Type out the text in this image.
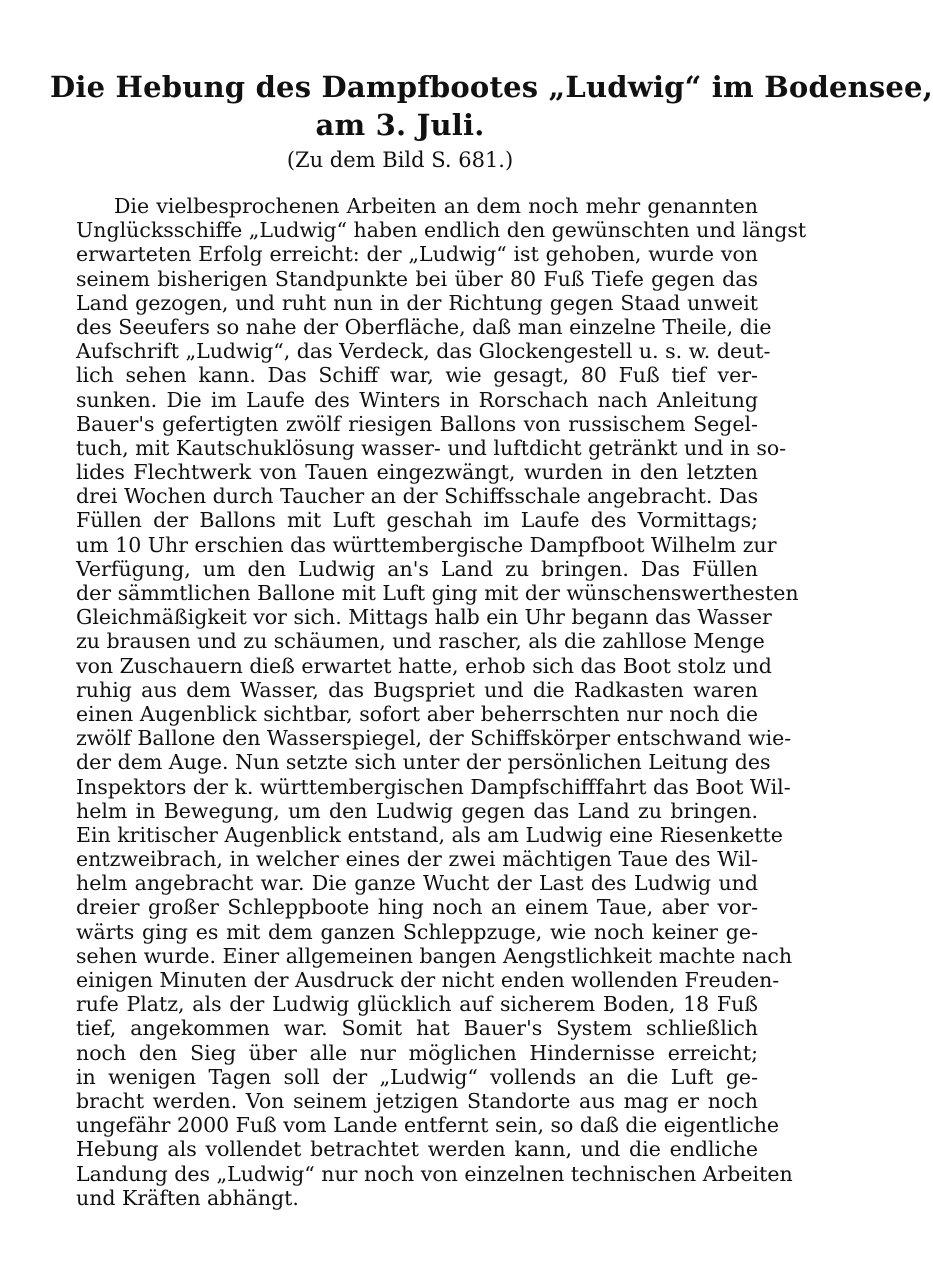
Die Hebung des Dampfbootes „Ludwig“ im Bodensee,
am 3. Juli.

(Zu dem Bild S. 681.)

Die vielbesprochenen Arbeiten an dem noch mehr genannten
Unglücksschiffe „Ludwig“ haben endlich den gewünschten und längst
erwarteten Erfolg erreicht: der „Ludwig“ ist gehoben, wurde von
seinem bisherigen Standpunkte bei über 80 Fuß Tiefe gegen das
Land gezogen, und ruht nun in der Richtung gegen Staad unweit
des Seeufers so nahe der Oberfläche, daß man einzelne Theile, die
Aufschrift „Ludwig“, das Verdeck, das Glockengestell u. s. w. deut-
lich sehen kann. Das Schiff war, wie gesagt, 80 Fuß tief ver-
sunken. Die im Laufe des Winters in Rorschach nach Anleitung
Bauer's gefertigten zwölf riesigen Ballons von russischem Segel-
tuch, mit Kautschuklösung wasser- und luftdicht getränkt und in so-
lides Flechtwerk von Tauen eingezwängt, wurden in den letzten
drei Wochen durch Taucher an der Schiffsschale angebracht. Das
Füllen der Ballons mit Luft geschah im Laufe des Vormittags;
um 10 Uhr erschien das württembergische Dampfboot Wilhelm zur
Verfügung, um den Ludwig an's Land zu bringen. Das Füllen
der sämmtlichen Ballone mit Luft ging mit der wünschenswerthesten
Gleichmäßigkeit vor sich. Mittags halb ein Uhr begann das Wasser
zu brausen und zu schäumen, und rascher, als die zahllose Menge
von Zuschauern dieß erwartet hatte, erhob sich das Boot stolz und
ruhig aus dem Wasser, das Bugspriet und die Radkasten waren
einen Augenblick sichtbar, sofort aber beherrschten nur noch die
zwölf Ballone den Wasserspiegel, der Schiffskörper entschwand wie-
der dem Auge. Nun setzte sich unter der persönlichen Leitung des
Inspektors der k. württembergischen Dampfschifffahrt das Boot Wil-
helm in Bewegung, um den Ludwig gegen das Land zu bringen.
Ein kritischer Augenblick entstand, als am Ludwig eine Riesenkette
entzweibrach, in welcher eines der zwei mächtigen Taue des Wil-
helm angebracht war. Die ganze Wucht der Last des Ludwig und
dreier großer Schleppboote hing noch an einem Taue, aber vor-
wärts ging es mit dem ganzen Schleppzuge, wie noch keiner ge-
sehen wurde. Einer allgemeinen bangen Aengstlichkeit machte nach
einigen Minuten der Ausdruck der nicht enden wollenden Freuden-
rufe Platz, als der Ludwig glücklich auf sicherem Boden, 18 Fuß
tief, angekommen war. Somit hat Bauer's System schließlich
noch den Sieg über alle nur möglichen Hindernisse erreicht;
in wenigen Tagen soll der „Ludwig“ vollends an die Luft ge-
bracht werden. Von seinem jetzigen Standorte aus mag er noch
ungefähr 2000 Fuß vom Lande entfernt sein, so daß die eigentliche
Hebung als vollendet betrachtet werden kann, und die endliche
Landung des „Ludwig“ nur noch von einzelnen technischen Arbeiten
und Kräften abhängt.
